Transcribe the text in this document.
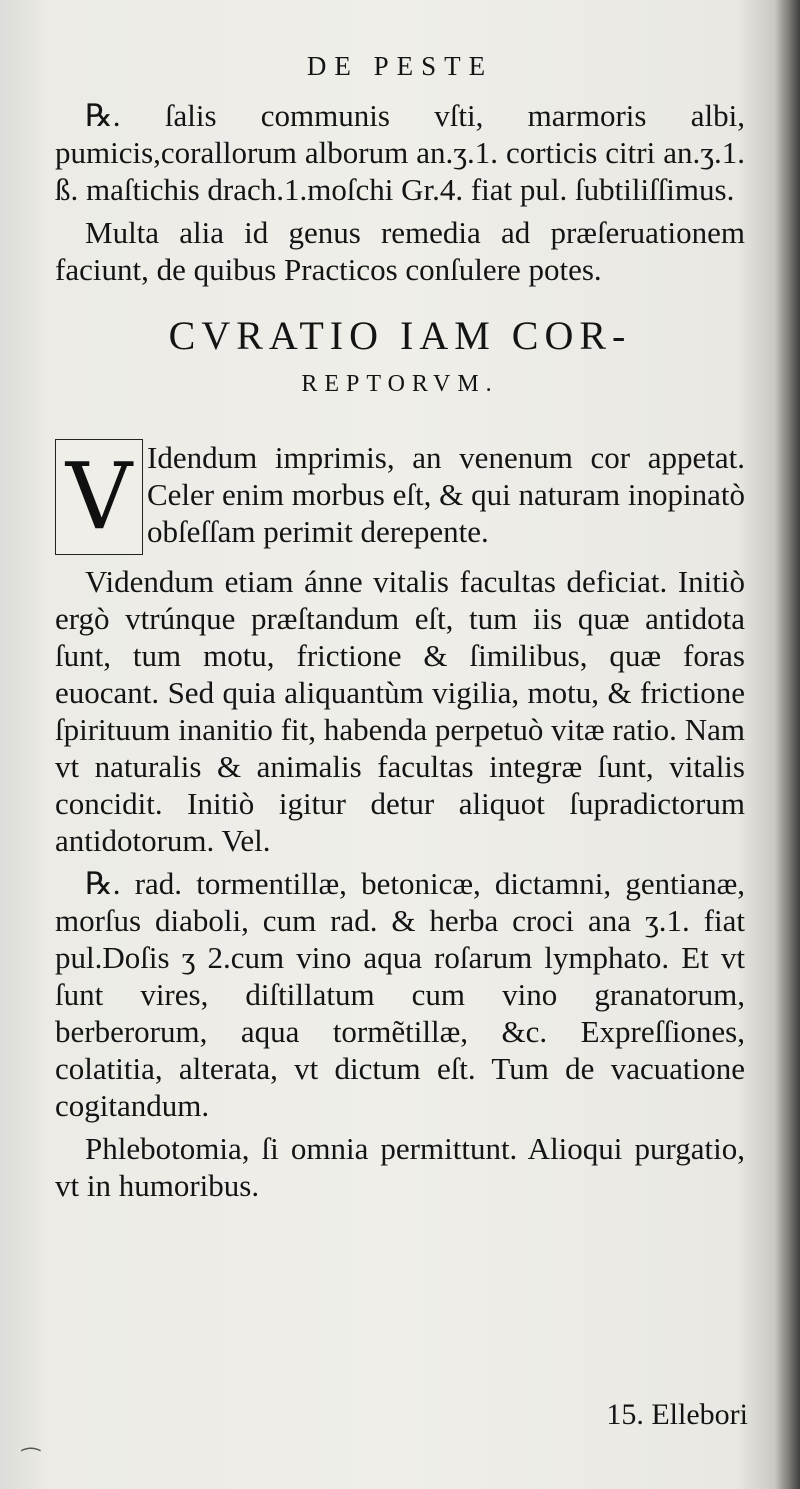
DE PESTE

℞. ſalis communis vſti, marmoris albi, pumicis,corallorum alborum an.ʒ.1. corticis citri an.ʒ.1. ß. maſtichis drach.1.moſchi Gr.4. fiat pul. ſubtiliſſimus.

Multa alia id genus remedia ad præſeruationem faciunt, de quibus Practicos conſulere potes.

CVRATIO IAM COR-
REPTORVM.

V Idendum imprimis, an venenum cor appetat. Celer enim morbus eſt, & qui naturam inopinatò obſeſſam perimit derepente.

Videndum etiam ánne vitalis facultas deficiat. Initiò ergò vtrúnque præſtandum eſt, tum iis quæ antidota ſunt, tum motu, frictione & ſimilibus, quæ foras euocant. Sed quia aliquantùm vigilia, motu, & frictione ſpirituum inanitio fit, habenda perpetuò vitæ ratio. Nam vt naturalis & animalis facultas integræ ſunt, vitalis concidit. Initiò igitur detur aliquot ſupradictorum antidotorum. Vel.

℞. rad. tormentillæ, betonicæ, dictamni, gentianæ, morſus diaboli, cum rad. & herba croci ana ʒ.1. fiat pul.Doſis ʒ 2.cum vino aqua roſarum lymphato. Et vt ſunt vires, diſtillatum cum vino granatorum, berberorum, aqua tormẽtillæ, &c. Expreſſiones, colatitia, alterata, vt dictum eſt. Tum de vacuatione cogitandum.

Phlebotomia, ſi omnia permittunt. Alioqui purgatio, vt in humoribus.

15. Ellebori
⁔
